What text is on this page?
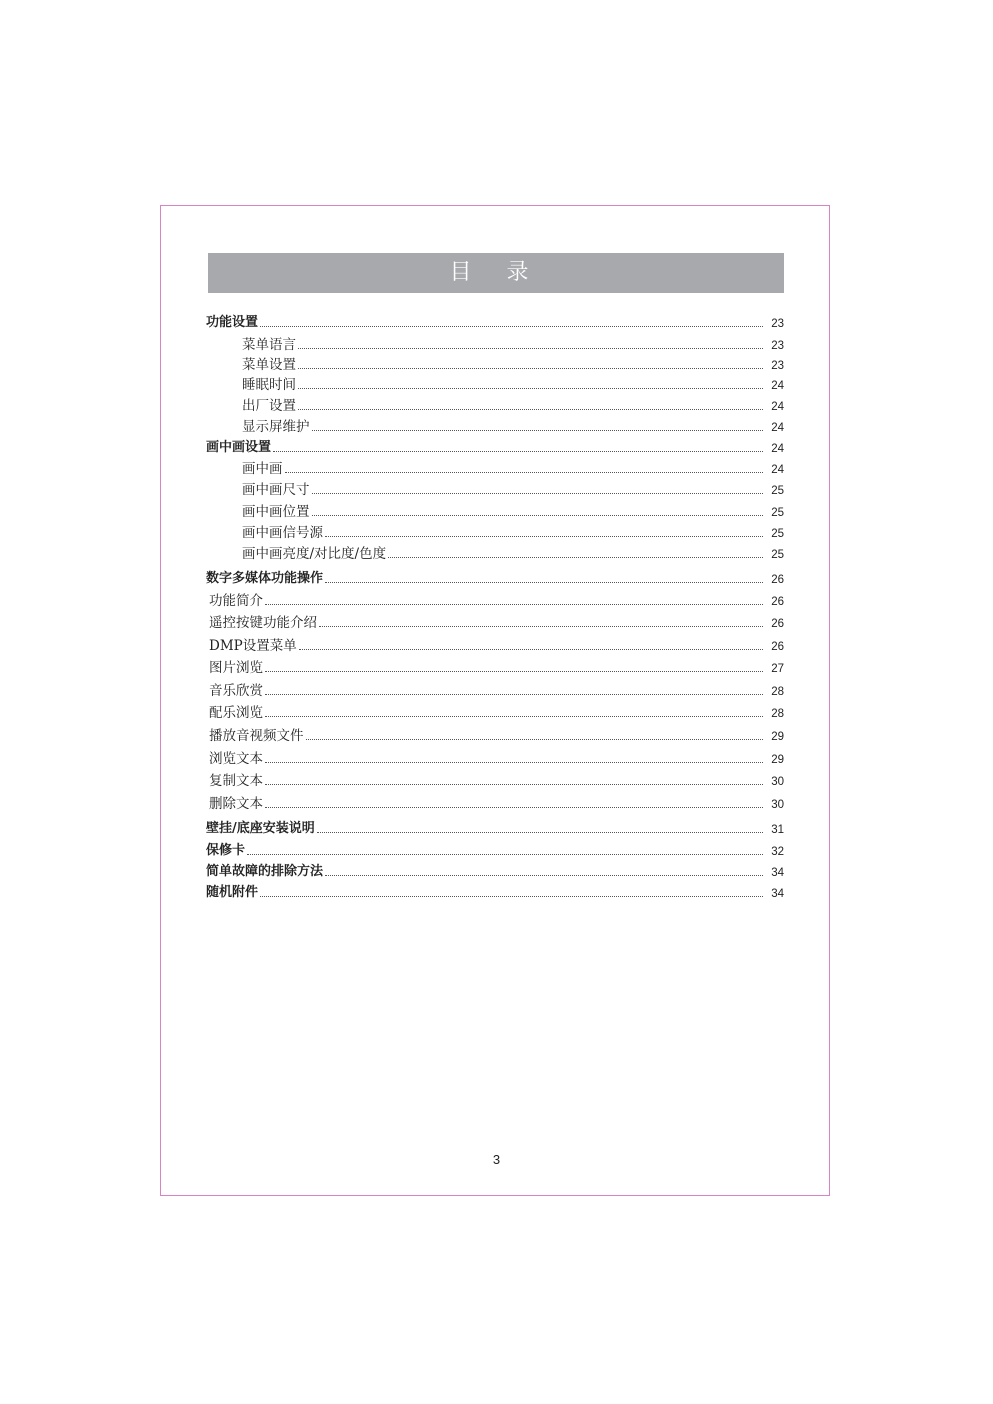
目 录
功能设置	23
菜单语言	23
菜单设置	23
睡眠时间	24
出厂设置	24
显示屏维护	24
画中画设置	24
画中画	24
画中画尺寸	25
画中画位置	25
画中画信号源	25
画中画亮度/对比度/色度	25
数字多媒体功能操作	26
功能简介	26
遥控按键功能介绍	26
DMP设置菜单	26
图片浏览	27
音乐欣赏	28
配乐浏览	28
播放音视频文件	29
浏览文本	29
复制文本	30
删除文本	30
壁挂/底座安装说明	31
保修卡	32
简单故障的排除方法	34
随机附件	34
3
